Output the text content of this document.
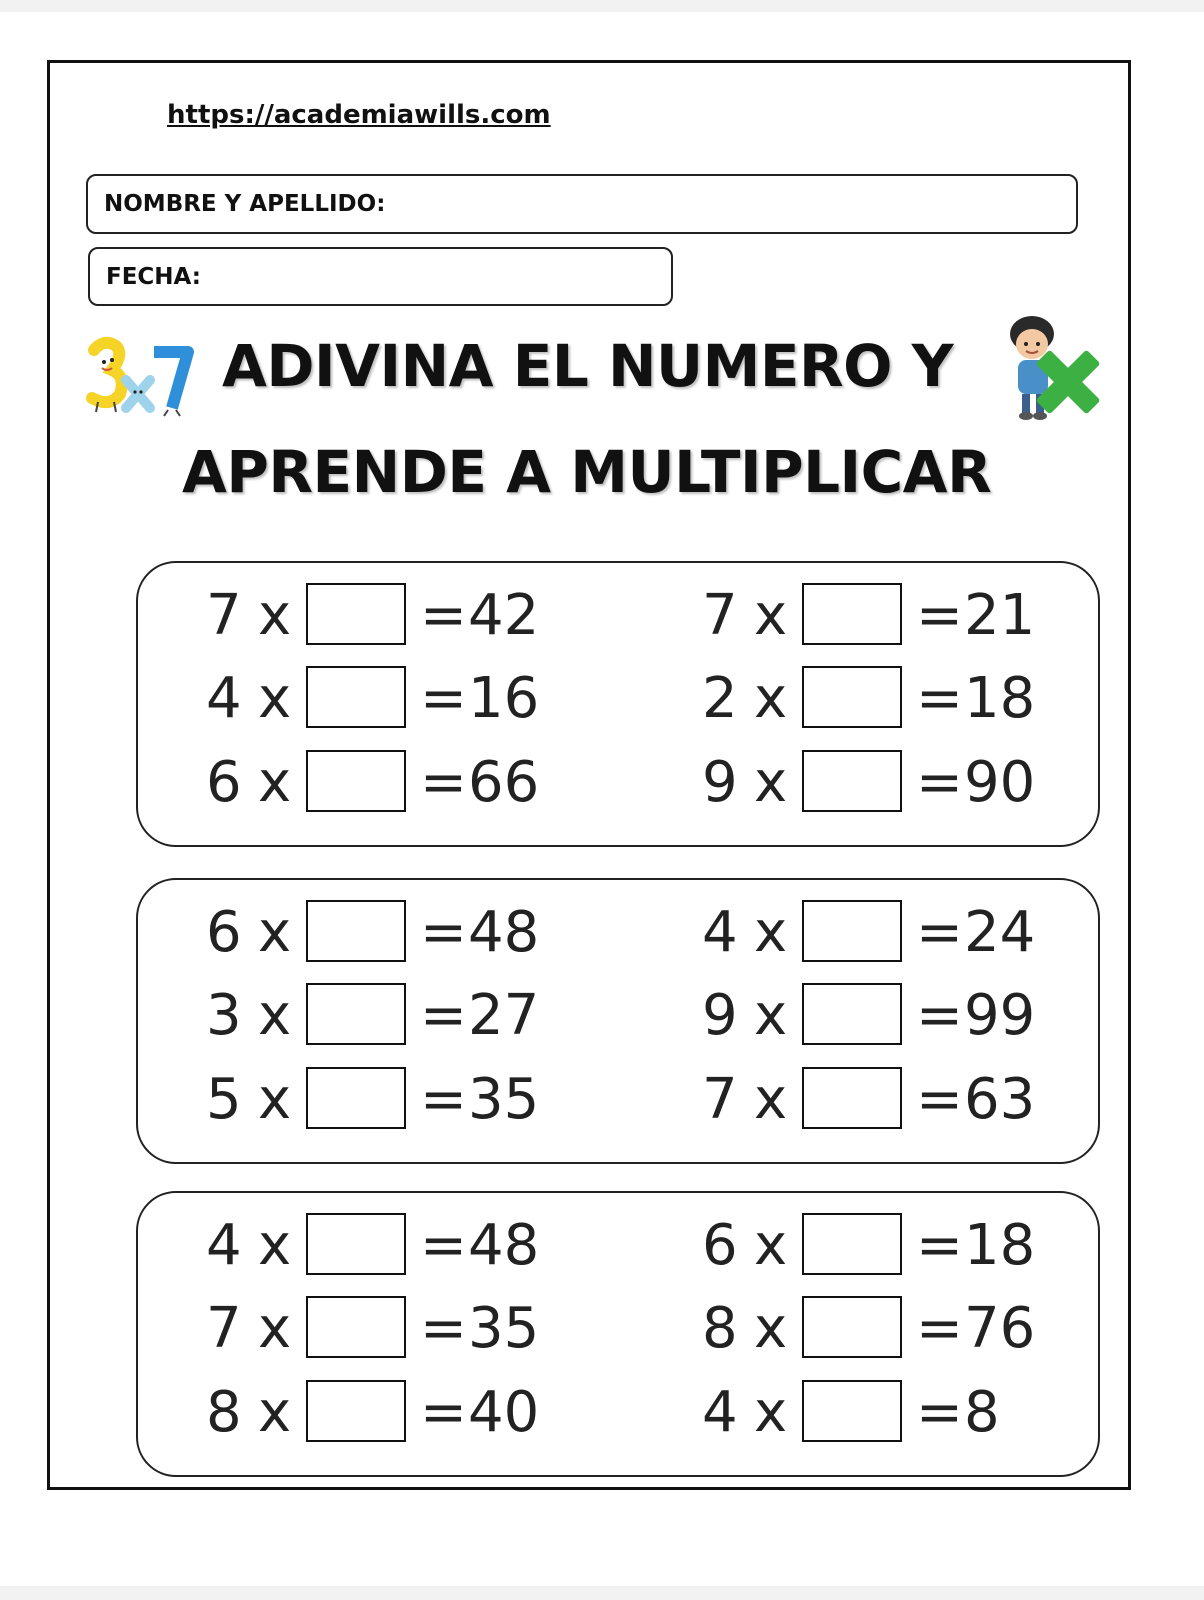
https://academiawills.com
NOMBRE Y APELLIDO:
FECHA:
ADIVINA EL NUMERO Y
APRENDE A MULTIPLICAR
7 x = 42
4 x = 16
6 x = 66
7 x = 21
2 x = 18
9 x = 90
6 x = 48
3 x = 27
5 x = 35
4 x = 24
9 x = 99
7 x = 63
4 x = 48
7 x = 35
8 x = 40
6 x = 18
8 x = 76
4 x = 8
